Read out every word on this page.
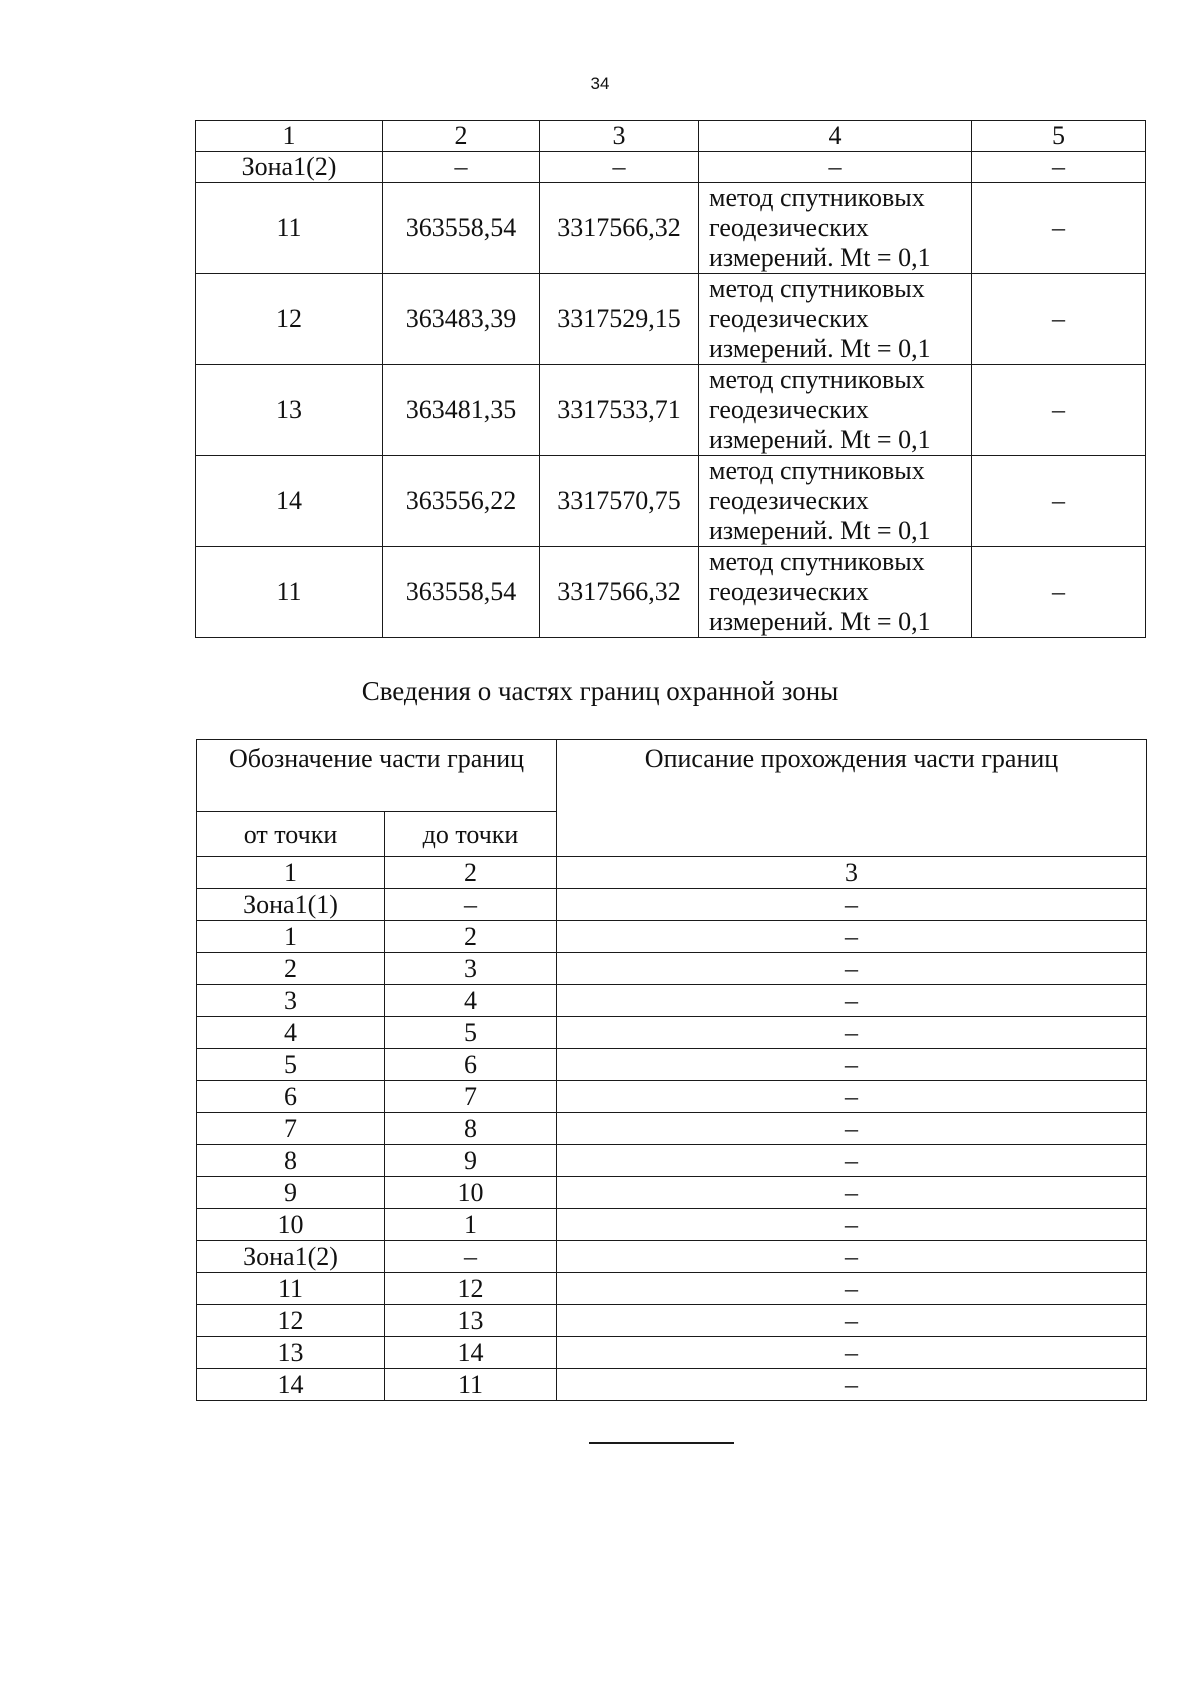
34
1	2	3	4	5
Зона1(2)	–	–	–	–
11	363558,54	3317566,32	метод спутниковых
геодезических
измерений. Mt = 0,1	–
12	363483,39	3317529,15	метод спутниковых
геодезических
измерений. Mt = 0,1	–
13	363481,35	3317533,71	метод спутниковых
геодезических
измерений. Mt = 0,1	–
14	363556,22	3317570,75	метод спутниковых
геодезических
измерений. Mt = 0,1	–
11	363558,54	3317566,32	метод спутниковых
геодезических
измерений. Mt = 0,1	–
Сведения о частях границ охранной зоны
Обозначение части границ		Описание прохождения части границ
от точки	до точки	
1	2	3
Зона1(1)	–	–
1	2	–
2	3	–
3	4	–
4	5	–
5	6	–
6	7	–
7	8	–
8	9	–
9	10	–
10	1	–
Зона1(2)	–	–
11	12	–
12	13	–
13	14	–
14	11	–
